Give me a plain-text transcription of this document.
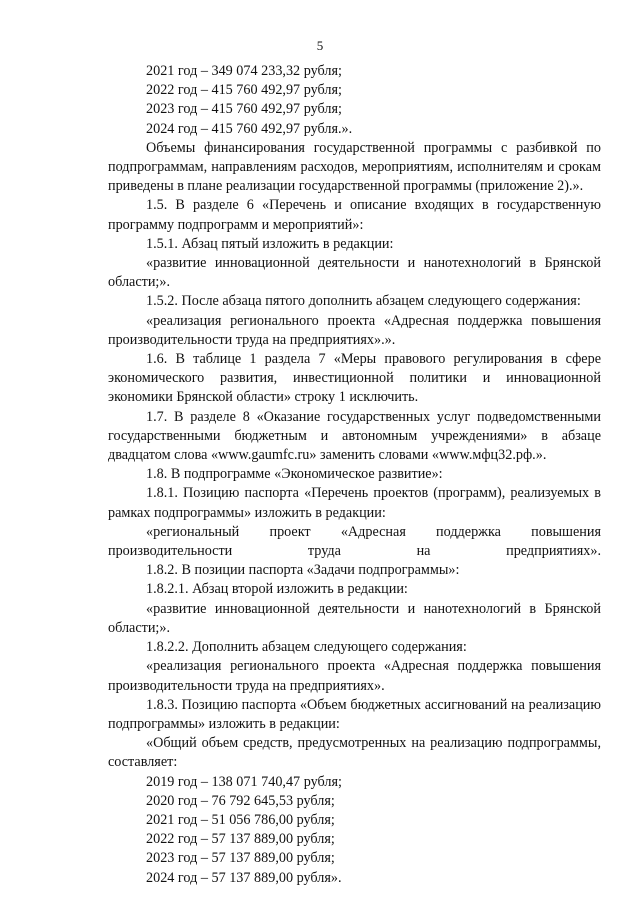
5

2021 год – 349 074 233,32 рубля;

2022 год – 415 760 492,97 рубля;

2023 год – 415 760 492,97 рубля;

2024 год – 415 760 492,97 рубля.».

Объемы финансирования государственной программы с разбивкой по подпрограммам, направлениям расходов, мероприятиям, исполнителям и срокам приведены в плане реализации государственной программы (приложение 2).».

1.5. В разделе 6 «Перечень и описание входящих в государственную программу подпрограмм и мероприятий»:

1.5.1. Абзац пятый изложить в редакции:

«развитие инновационной деятельности и нанотехнологий в Брянской области;».

1.5.2. После абзаца пятого дополнить абзацем следующего содержания:

«реализация регионального проекта «Адресная поддержка повышения производительности труда на предприятиях».».

1.6. В таблице 1 раздела 7 «Меры правового регулирования в сфере экономического развития, инвестиционной политики и инновационной экономики Брянской области» строку 1 исключить.

1.7. В разделе 8 «Оказание государственных услуг подведомственными государственными бюджетным и автономным учреждениями» в абзаце двадцатом слова «www.gaumfc.ru» заменить словами «www.мфц32.рф.».

1.8. В подпрограмме «Экономическое развитие»:

1.8.1. Позицию паспорта «Перечень проектов (программ), реализуемых в рамках подпрограммы» изложить в редакции:

«региональный проект «Адресная поддержка повышения производительности труда на предприятиях».

1.8.2. В позиции паспорта «Задачи подпрограммы»:

1.8.2.1. Абзац второй изложить в редакции:

«развитие инновационной деятельности и нанотехнологий в Брянской области;».

1.8.2.2. Дополнить абзацем следующего содержания:

«реализация регионального проекта «Адресная поддержка повышения производительности труда на предприятиях».

1.8.3. Позицию паспорта «Объем бюджетных ассигнований на реализацию подпрограммы» изложить в редакции:

«Общий объем средств, предусмотренных на реализацию подпрограммы, составляет:

2019 год – 138 071 740,47 рубля;

2020 год – 76 792 645,53 рубля;

2021 год – 51 056 786,00 рубля;

2022 год – 57 137 889,00 рубля;

2023 год – 57 137 889,00 рубля;

2024 год – 57 137 889,00 рубля».
